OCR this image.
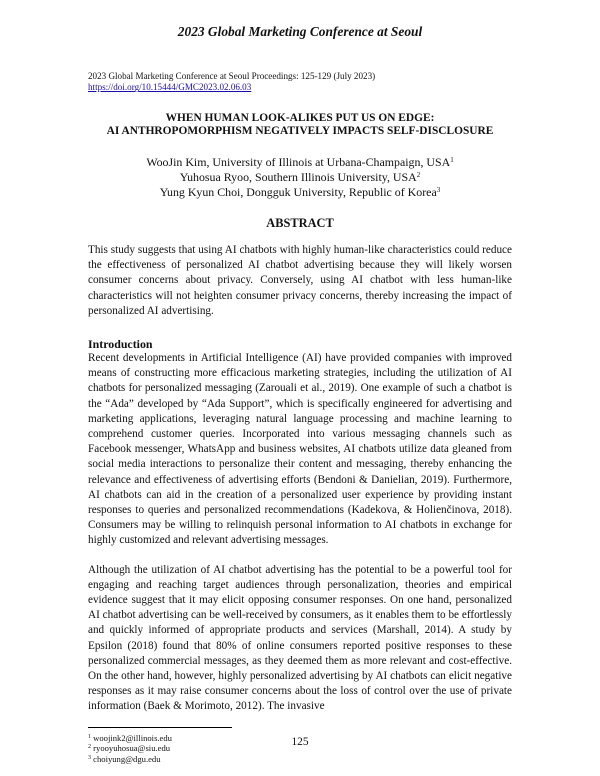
2023 Global Marketing Conference at Seoul
2023 Global Marketing Conference at Seoul Proceedings: 125-129 (July 2023)
https://doi.org/10.15444/GMC2023.02.06.03
WHEN HUMAN LOOK-ALIKES PUT US ON EDGE:
AI ANTHROPOMORPHISM NEGATIVELY IMPACTS SELF-DISCLOSURE
WooJin Kim, University of Illinois at Urbana-Champaign, USA$^1$
Yuhosua Ryoo, Southern Illinois University, USA$^2$
Yung Kyun Choi, Dongguk University, Republic of Korea$^3$
ABSTRACT

This study suggests that using AI chatbots with highly human-like characteristics could reduce the effectiveness of personalized AI chatbot advertising because they will likely worsen consumer concerns about privacy. Conversely, using AI chatbot with less human-like characteristics will not heighten consumer privacy concerns, thereby increasing the impact of personalized AI advertising.

Introduction

Recent developments in Artificial Intelligence (AI) have provided companies with improved means of constructing more efficacious marketing strategies, including the utilization of AI chatbots for personalized messaging (Zarouali et al., 2019). One example of such a chatbot is the “Ada” developed by “Ada Support”, which is specifically engineered for advertising and marketing applications, leveraging natural language processing and machine learning to comprehend customer queries. Incorporated into various messaging channels such as Facebook messenger, WhatsApp and business websites, AI chatbots utilize data gleaned from social media interactions to personalize their content and messaging, thereby enhancing the relevance and effectiveness of advertising efforts (Bendoni & Danielian, 2019). Furthermore, AI chatbots can aid in the creation of a personalized user experience by providing instant responses to queries and personalized recommendations (Kadekova, & Holienčinova, 2018). Consumers may be willing to relinquish personal information to AI chatbots in exchange for highly customized and relevant advertising messages.

Although the utilization of AI chatbot advertising has the potential to be a powerful tool for engaging and reaching target audiences through personalization, theories and empirical evidence suggest that it may elicit opposing consumer responses. On one hand, personalized AI chatbot advertising can be well-received by consumers, as it enables them to be effortlessly and quickly informed of appropriate products and services (Marshall, 2014). A study by Epsilon (2018) found that 80% of online consumers reported positive responses to these personalized commercial messages, as they deemed them as more relevant and cost-effective. On the other hand, however, highly personalized advertising by AI chatbots can elicit negative responses as it may raise consumer concerns about the loss of control over the use of private information (Baek & Morimoto, 2012). The invasive

$^1$ woojink2@illinois.edu
$^2$ ryooyuhosua@siu.edu
$^3$ choiyung@dgu.edu
125
